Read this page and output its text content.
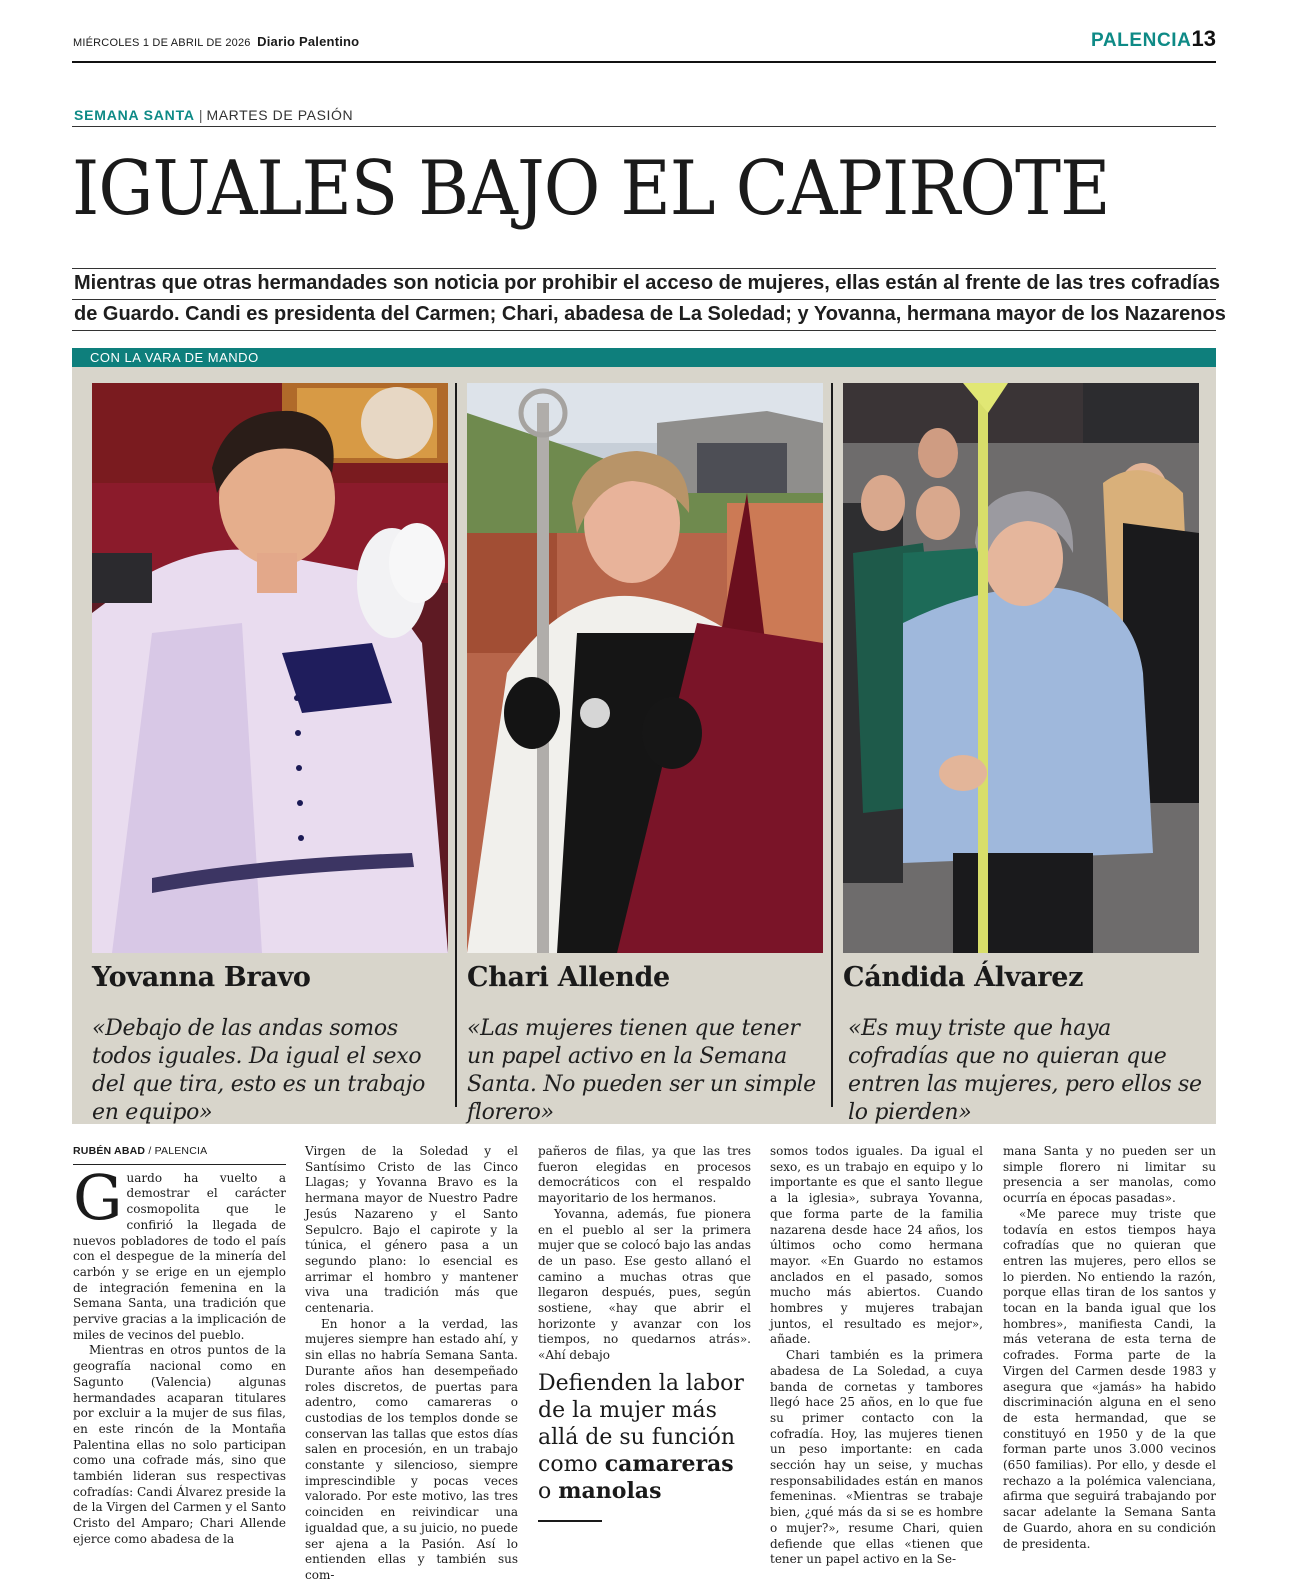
MIÉRCOLES 1 DE ABRIL DE 2026 Diario Palentino	PALENCIA13
SEMANA SANTA | MARTES DE PASIÓN
IGUALES BAJO EL CAPIROTE
Mientras que otras hermandades son noticia por prohibir el acceso de mujeres, ellas están al frente de las tres cofradías
de Guardo. Candi es presidenta del Carmen; Chari, abadesa de La Soledad; y Yovanna, hermana mayor de los Nazarenos
CON LA VARA DE MANDO
Yovanna Bravo	Chari Allende	Cándida Álvarez
«Debajo de las andas somos todos iguales. Da igual el sexo del que tira, esto es un trabajo en equipo»
«Las mujeres tienen que tener un papel activo en la Semana Santa. No pueden ser un simple florero»
«Es muy triste que haya cofradías que no quieran que entren las mujeres, pero ellos se lo pierden»
RUBÉN ABAD / PALENCIA

Guardo ha vuelto a demostrar el carácter cosmopolita que le confirió la llegada de nuevos pobladores de todo el país con el despegue de la minería del carbón y se erige en un ejemplo de integración femenina en la Semana Santa, una tradición que pervive gracias a la implicación de miles de vecinos del pueblo.

Mientras en otros puntos de la geografía nacional como en Sagunto (Valencia) algunas hermandades acaparan titulares por excluir a la mujer de sus filas, en este rincón de la Montaña Palentina ellas no solo participan como una cofrade más, sino que también lideran sus respectivas cofradías: Candi Álvarez preside la de la Virgen del Carmen y el Santo Cristo del Amparo; Chari Allende ejerce como abadesa de la

Virgen de la Soledad y el Santísimo Cristo de las Cinco Llagas; y Yovanna Bravo es la hermana mayor de Nuestro Padre Jesús Nazareno y el Santo Sepulcro. Bajo el capirote y la túnica, el género pasa a un segundo plano: lo esencial es arrimar el hombro y mantener viva una tradición más que centenaria.

En honor a la verdad, las mujeres siempre han estado ahí, y sin ellas no habría Semana Santa. Durante años han desempeñado roles discretos, de puertas para adentro, como camareras o custodias de los templos donde se conservan las tallas que estos días salen en procesión, en un trabajo constante y silencioso, siempre imprescindible y pocas veces valorado. Por este motivo, las tres coinciden en reivindicar una igualdad que, a su juicio, no puede ser ajena a la Pasión. Así lo entienden ellas y también sus com-

pañeros de filas, ya que las tres fueron elegidas en procesos democráticos con el respaldo mayoritario de los hermanos.

Yovanna, además, fue pionera en el pueblo al ser la primera mujer que se colocó bajo las andas de un paso. Ese gesto allanó el camino a muchas otras que llegaron después, pues, según sostiene, «hay que abrir el horizonte y avanzar con los tiempos, no quedarnos atrás». «Ahí debajo

somos todos iguales. Da igual el sexo, es un trabajo en equipo y lo importante es que el santo llegue a la iglesia», subraya Yovanna, que forma parte de la familia nazarena desde hace 24 años, los últimos ocho como hermana mayor. «En Guardo no estamos anclados en el pasado, somos mucho más abiertos. Cuando hombres y mujeres trabajan juntos, el resultado es mejor», añade.

Chari también es la primera abadesa de La Soledad, a cuya banda de cornetas y tambores llegó hace 25 años, en lo que fue su primer contacto con la cofradía. Hoy, las mujeres tienen un peso importante: en cada sección hay un seise, y muchas responsabilidades están en manos femeninas. «Mientras se trabaje bien, ¿qué más da si se es hombre o mujer?», resume Chari, quien defiende que ellas «tienen que tener un papel activo en la Se-

mana Santa y no pueden ser un simple florero ni limitar su presencia a ser manolas, como ocurría en épocas pasadas».

«Me parece muy triste que todavía en estos tiempos haya cofradías que no quieran que entren las mujeres, pero ellos se lo pierden. No entiendo la razón, porque ellas tiran de los santos y tocan en la banda igual que los hombres», manifiesta Candi, la más veterana de esta terna de cofrades. Forma parte de la Virgen del Carmen desde 1983 y asegura que «jamás» ha habido discriminación alguna en el seno de esta hermandad, que se constituyó en 1950 y de la que forman parte unos 3.000 vecinos (650 familias). Por ello, y desde el rechazo a la polémica valenciana, afirma que seguirá trabajando por sacar adelante la Semana Santa de Guardo, ahora en su condición de presidenta.

Defienden la labor de la mujer más allá de su función como camareras o manolas
